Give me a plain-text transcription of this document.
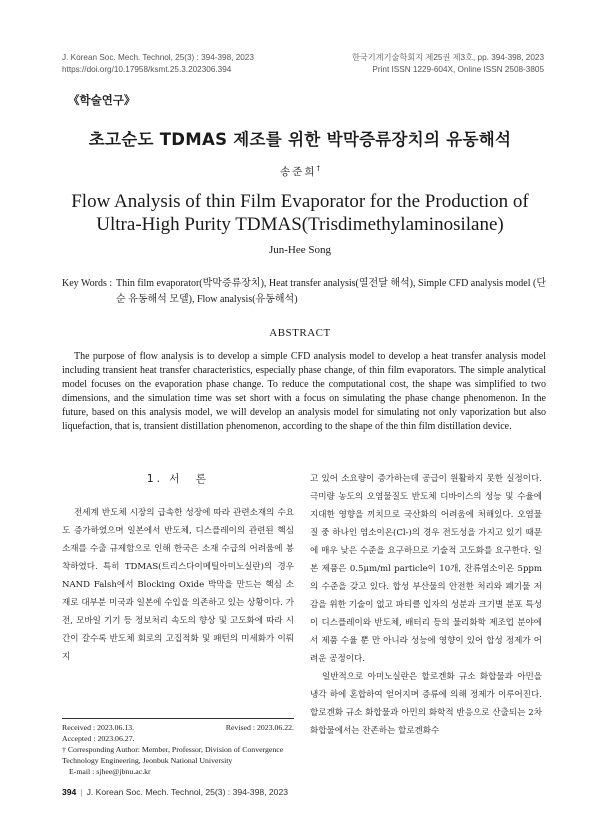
J. Korean Soc. Mech. Technol, 25(3) : 394-398, 2023
https://doi.org/10.17958/ksmt.25.3.202306.394
한국기계기술학회지 제25권 제3호, pp. 394-398, 2023
Print ISSN 1229-604X, Online ISSN 2508-3805
《학술연구》
초고순도 TDMAS 제조를 위한 박막증류장치의 유동해석
송준희†
Flow Analysis of thin Film Evaporator for the Production of
Ultra-High Purity TDMAS(Trisdimethylaminosilane)
Jun-Hee Song
Key Words : Thin film evaporator(박막증류장치), Heat transfer analysis(열전달 해석), Simple CFD analysis model (단순 유동해석 모델), Flow analysis(유동해석)
ABSTRACT

The purpose of flow analysis is to develop a simple CFD analysis model to develop a heat transfer analysis model including transient heat transfer characteristics, especially phase change, of thin film evaporators. The simple analytical model focuses on the evaporation phase change. To reduce the computational cost, the shape was simplified to two dimensions, and the simulation time was set short with a focus on simulating the phase change phenomenon. In the future, based on this analysis model, we will develop an analysis model for simulating not only vaporization but also liquefaction, that is, transient distillation phenomenon, according to the shape of the thin film distillation device.

1. 서　론

전세계 반도체 시장의 급속한 성장에 따라 관련소재의 수요도 증가하였으며 일본에서 반도체, 디스플레이의 관련된 핵심소재를 수출 규제함으로 인해 한국은 소재 수급의 어려움에 봉착하였다. 특히 TDMAS(트리스다이메틸아미노실란)의 경우 NAND Falsh에서 Blocking Oxide 박막을 만드는 핵심 소재로 대부분 미국과 일본에 수입을 의존하고 있는 상황이다. 가전, 모바일 기기 등 정보처리 속도의 향상 및 고도화에 따라 시간이 갈수록 반도체 회로의 고집적화 및 패턴의 미세화가 이뤄지

고 있어 소요량이 증가하는데 공급이 원활하지 못한 실정이다. 극미량 농도의 오염물질도 반도체 디바이스의 성능 및 수율에 지대한 영향을 끼치므로 국산화의 어려움에 처해있다. 오염물질 중 하나인 염소이온(Cl-)의 경우 전도성을 가지고 있기 때문에 매우 낮은 수준을 요구하므로 기술적 고도화를 요구한다. 일본 제품은 0.5μm/ml particle이 10개, 잔류염소이온 5ppm의 수준을 갖고 있다. 합성 부산물의 안전한 처리와 폐기물 저감을 위한 기술이 없고 파티클 입자의 성분과 크기별 분포 특성이 디스플레이와 반도체, 배터리 등의 물리화학 제조업 분야에서 제품 수율 뿐 만 아니라 성능에 영향이 있어 합성 정제가 어려운 공정이다.

일반적으로 아미노실란은 할로겐화 규소 화합물과 아민을 냉각 하에 혼합하여 얻어지며 증류에 의해 정제가 이루어진다. 할로겐화 규소 화합물과 아민의 화학적 반응으로 산출되는 2차 화합물에서는 잔존하는 할로겐화수

Received : 2023.06.13.	Revised : 2023.06.22.

Accepted : 2023.06.27.

† Corresponding Author: Member, Professor, Division of Convergence Technology Engineering, Jeonbuk National University

E-mail : sjhee@jbnu.ac.kr

394 | J. Korean Soc. Mech. Technol, 25(3) : 394-398, 2023
